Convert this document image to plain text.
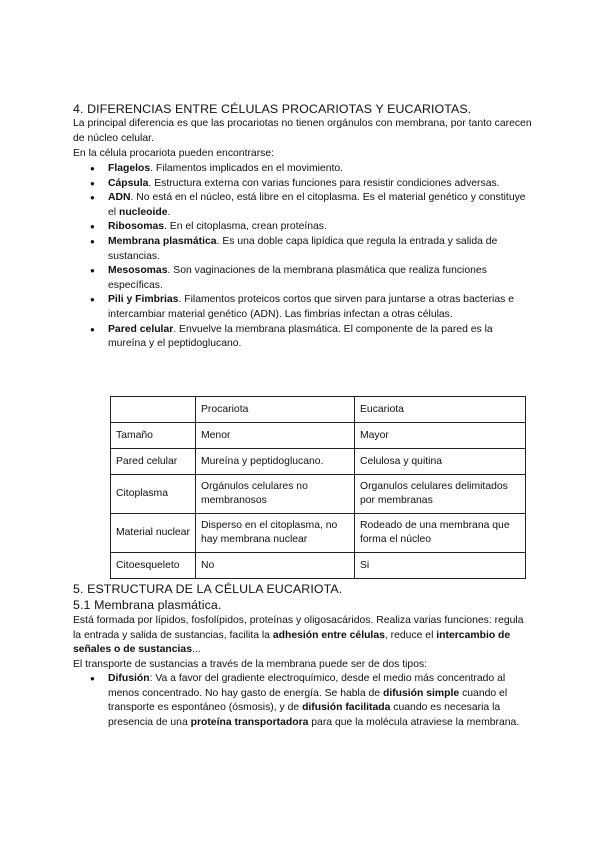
4. DIFERENCIAS ENTRE CÉLULAS PROCARIOTAS Y EUCARIOTAS.

La principal diferencia es que las procariotas no tienen orgánulos con membrana, por tanto carecen de núcleo celular.

En la célula procariota pueden encontrarse:

● Flagelos. Filamentos implicados en el movimiento.
● Cápsula. Estructura externa con varias funciones para resistir condiciones adversas.
● ADN. No está en el núcleo, está libre en el citoplasma. Es el material genético y constituye el nucleoide.
● Ribosomas. En el citoplasma, crean proteínas.
● Membrana plasmática. Es una doble capa lipídica que regula la entrada y salida de sustancias.
● Mesosomas. Son vaginaciones de la membrana plasmática que realiza funciones específicas.
● Pili y Fimbrias. Filamentos proteicos cortos que sirven para juntarse a otras bacterias e intercambiar material genético (ADN). Las fimbrias infectan a otras células.
● Pared celular. Envuelve la membrana plasmática. El componente de la pared es la mureína y el peptidoglucano.
	Procariota	Eucariota
Tamaño	Menor	Mayor
Pared celular	Mureína y peptidoglucano.	Celulosa y quitina
Citoplasma	Orgánulos celulares no membranosos	Organulos celulares delimitados por membranas
Material nuclear	Disperso en el citoplasma, no hay membrana nuclear	Rodeado de una membrana que forma el núcleo
Citoesqueleto	No	Si
5. ESTRUCTURA DE LA CÉLULA EUCARIOTA.
5.1 Membrana plasmática.

Está formada por lípidos, fosfolípidos, proteínas y oligosacáridos. Realiza varias funciones: regula la entrada y salida de sustancias, facilita la adhesión entre células, reduce el intercambio de señales o de sustancias...

El transporte de sustancias a través de la membrana puede ser de dos tipos:

● Difusión: Va a favor del gradiente electroquímico, desde el medio más concentrado al menos concentrado. No hay gasto de energía. Se habla de difusión simple cuando el transporte es espontáneo (ósmosis), y de difusión facilitada cuando es necesaria la presencia de una proteína transportadora para que la molécula atraviese la membrana.
